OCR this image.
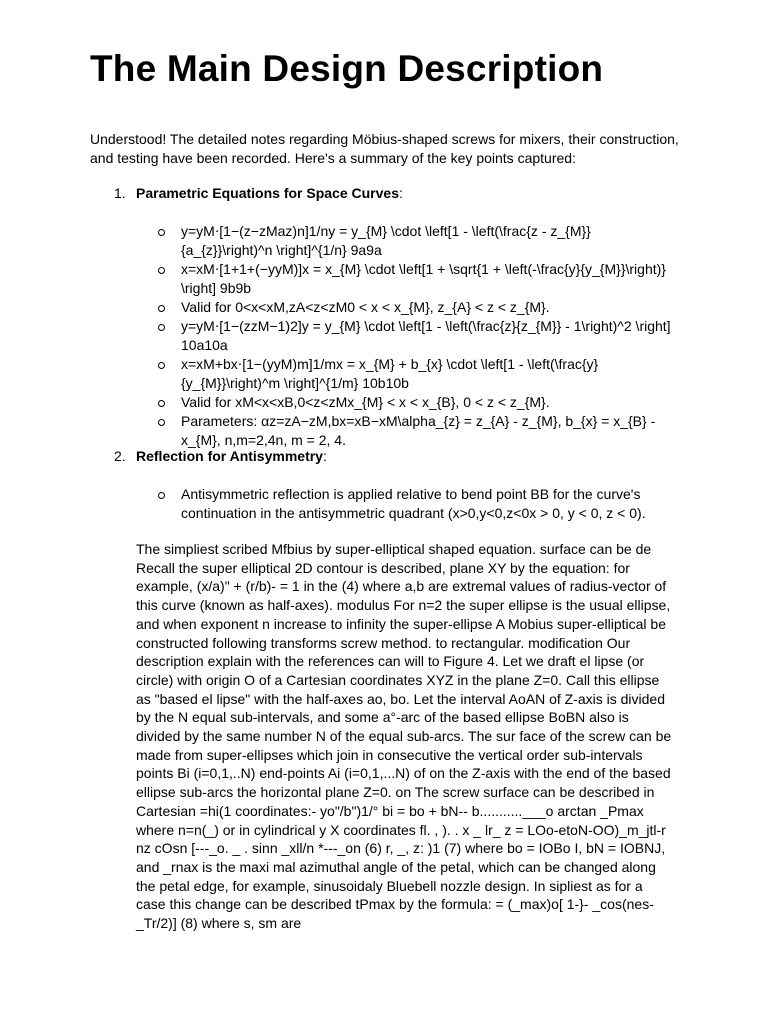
The Main Design Description

Understood! The detailed notes regarding Möbius-shaped screws for mixers, their construction, and testing have been recorded. Here's a summary of the key points captured:

1. Parametric Equations for Space Curves:
y=yM⋅[1−(z−zMaz)n]1/ny = y_{M} \cdot \left[1 - \left(\frac{z - z_{M}}{a_{z}}\right)^n \right]^{1/n} 9a9a
x=xM⋅[1+1+(−yyM)]x = x_{M} \cdot \left[1 + \sqrt{1 + \left(-\frac{y}{y_{M}}\right)} \right] 9b9b
Valid for 0<x<xM,zA<z<zM0 < x < x_{M}, z_{A} < z < z_{M}.
y=yM⋅[1−(zzM−1)2]y = y_{M} \cdot \left[1 - \left(\frac{z}{z_{M}} - 1\right)^2 \right] 10a10a
x=xM+bx⋅[1−(yyM)m]1/mx = x_{M} + b_{x} \cdot \left[1 - \left(\frac{y}{y_{M}}\right)^m \right]^{1/m} 10b10b
Valid for xM<x<xB,0<z<zMx_{M} < x < x_{B}, 0 < z < z_{M}.
Parameters: αz=zA−zM,bx=xB−xM\alpha_{z} = z_{A} - z_{M}, b_{x} = x_{B} - x_{M}, n,m=2,4n, m = 2, 4.
2. Reflection for Antisymmetry:
Antisymmetric reflection is applied relative to bend point BB for the curve's continuation in the antisymmetric quadrant (x>0,y<0,z<0x > 0, y < 0, z < 0).

The simpliest scribed Mfbius by super-elliptical shaped equation. surface can be de Recall the super elliptical 2D contour is described, plane XY by the equation: for example, (x/a)" + (r/b)- = 1 in the (4) where a,b are extremal values of radius-vector of this curve (known as half-axes). modulus For n=2 the super ellipse is the usual ellipse, and when exponent n increase to infinity the super-ellipse A Mobius super-elliptical be constructed following transforms screw method. to rectangular. modification Our description explain with the references can will to Figure 4. Let we draft el lipse (or circle) with origin O of a Cartesian coordinates XYZ in the plane Z=0. Call this ellipse as "based el lipse" with the half-axes ao, bo. Let the interval AoAN of Z-axis is divided by the N equal sub-intervals, and some a°-arc of the based ellipse BoBN also is divided by the same number N of the equal sub-arcs. The sur face of the screw can be made from super-ellipses which join in consecutive the vertical order sub-intervals points Bi (i=0,1,..N) end-points Ai (i=0,1,...N) of on the Z-axis with the end of the based ellipse sub-arcs the horizontal plane Z=0. on The screw surface can be described in Cartesian =hi(1 coordinates:- yo"/b")1/° bi = bo + bN-- b...........___o arctan _Pmax where n=n(_) or in cylindrical y X coordinates fl. , ). . x _ lr_ z = LOo-etoN-OO)_m_jtl-r nz cOsn [---_o. _ . sinn _xll/n *---_on (6) r, _, z: )1 (7) where bo = IOBo I, bN = IOBNJ, and _rnax is the maxi mal azimuthal angle of the petal, which can be changed along the petal edge, for example, sinusoidaly Bluebell nozzle design. In sipliest as for a case this change can be described tPmax by the formula: = (_max)o[ 1-}- _cos(nes-_Tr/2)] (8) where s, sm are
